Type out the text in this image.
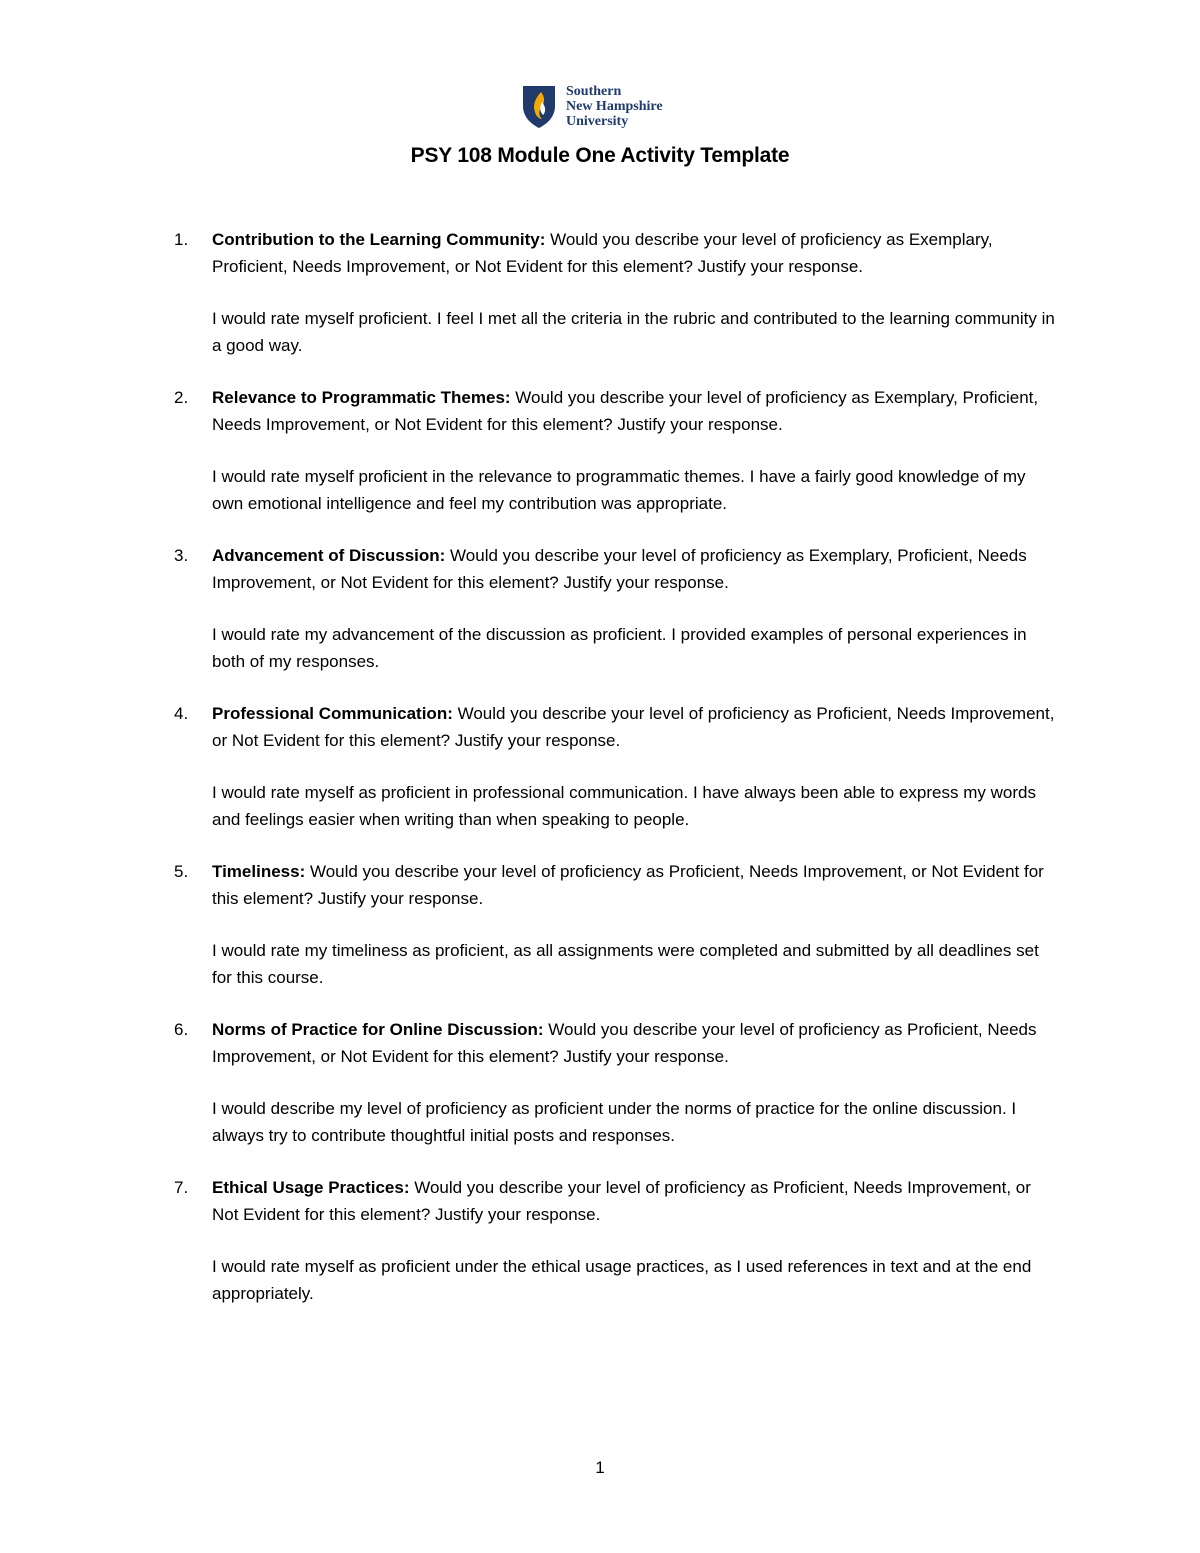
Southern
New Hampshire
University
PSY 108 Module One Activity Template
1. Contribution to the Learning Community: Would you describe your level of proficiency as Exemplary, Proficient, Needs Improvement, or Not Evident for this element? Justify your response.

I would rate myself proficient. I feel I met all the criteria in the rubric and contributed to the learning community in a good way.

2. Relevance to Programmatic Themes: Would you describe your level of proficiency as Exemplary, Proficient, Needs Improvement, or Not Evident for this element? Justify your response.

I would rate myself proficient in the relevance to programmatic themes. I have a fairly good knowledge of my own emotional intelligence and feel my contribution was appropriate.

3. Advancement of Discussion: Would you describe your level of proficiency as Exemplary, Proficient, Needs Improvement, or Not Evident for this element? Justify your response.

I would rate my advancement of the discussion as proficient. I provided examples of personal experiences in both of my responses.

4. Professional Communication: Would you describe your level of proficiency as Proficient, Needs Improvement, or Not Evident for this element? Justify your response.

I would rate myself as proficient in professional communication. I have always been able to express my words and feelings easier when writing than when speaking to people.

5. Timeliness: Would you describe your level of proficiency as Proficient, Needs Improvement, or Not Evident for this element? Justify your response.

I would rate my timeliness as proficient, as all assignments were completed and submitted by all deadlines set for this course.

6. Norms of Practice for Online Discussion: Would you describe your level of proficiency as Proficient, Needs Improvement, or Not Evident for this element? Justify your response.

I would describe my level of proficiency as proficient under the norms of practice for the online discussion. I always try to contribute thoughtful initial posts and responses.

7. Ethical Usage Practices: Would you describe your level of proficiency as Proficient, Needs Improvement, or Not Evident for this element? Justify your response.

I would rate myself as proficient under the ethical usage practices, as I used references in text and at the end appropriately.

1
